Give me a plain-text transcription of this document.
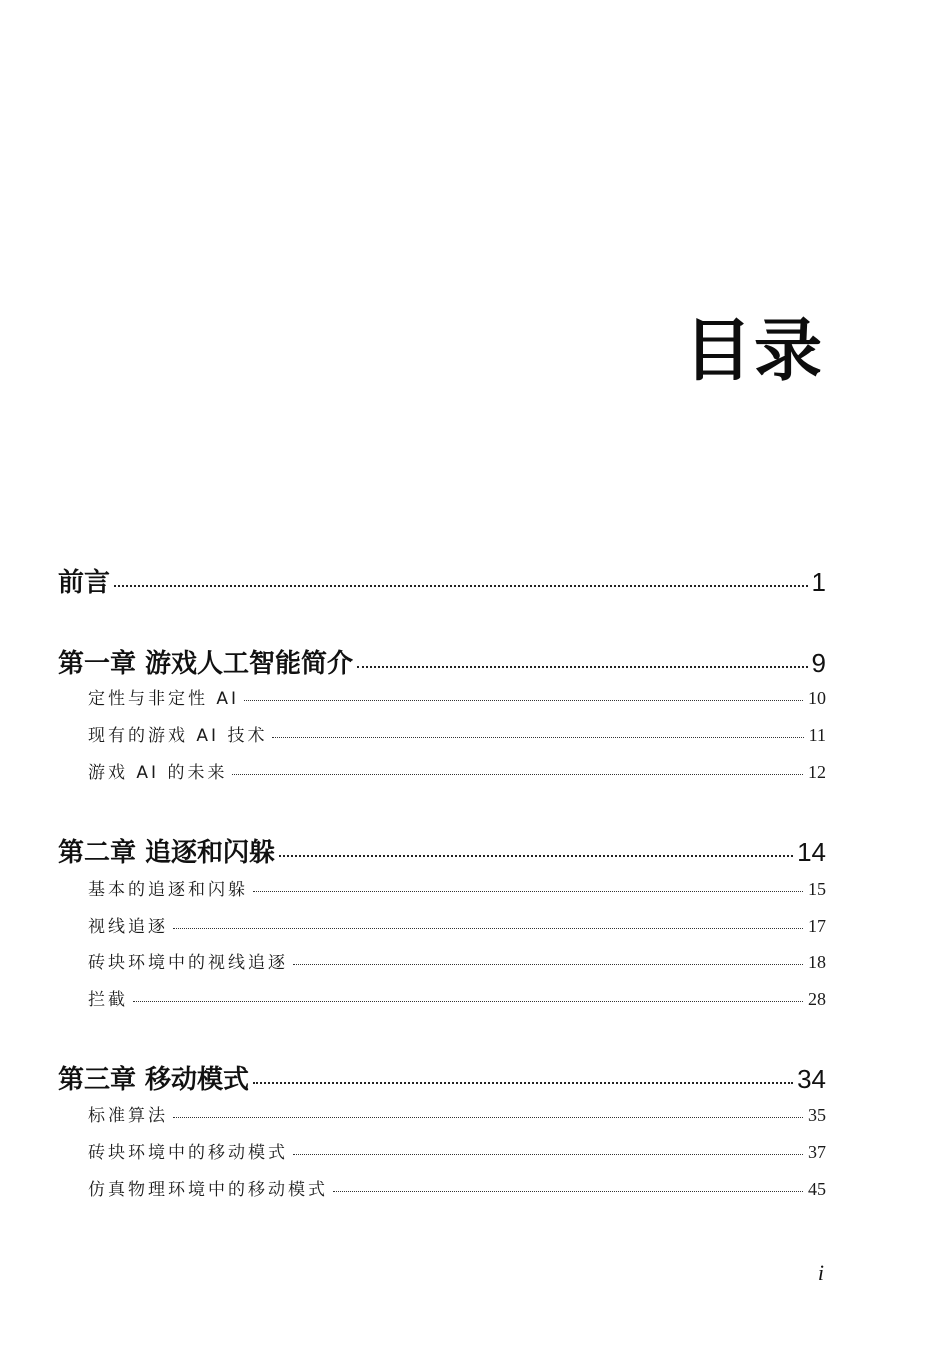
目录
前言	1
第一章 游戏人工智能简介	9
定性与非定性 AI	10
现有的游戏 AI 技术	11
游戏 AI 的未来	12
第二章 追逐和闪躲	14
基本的追逐和闪躲	15
视线追逐	17
砖块环境中的视线追逐	18
拦截	28
第三章 移动模式	34
标准算法	35
砖块环境中的移动模式	37
仿真物理环境中的移动模式	45
i
